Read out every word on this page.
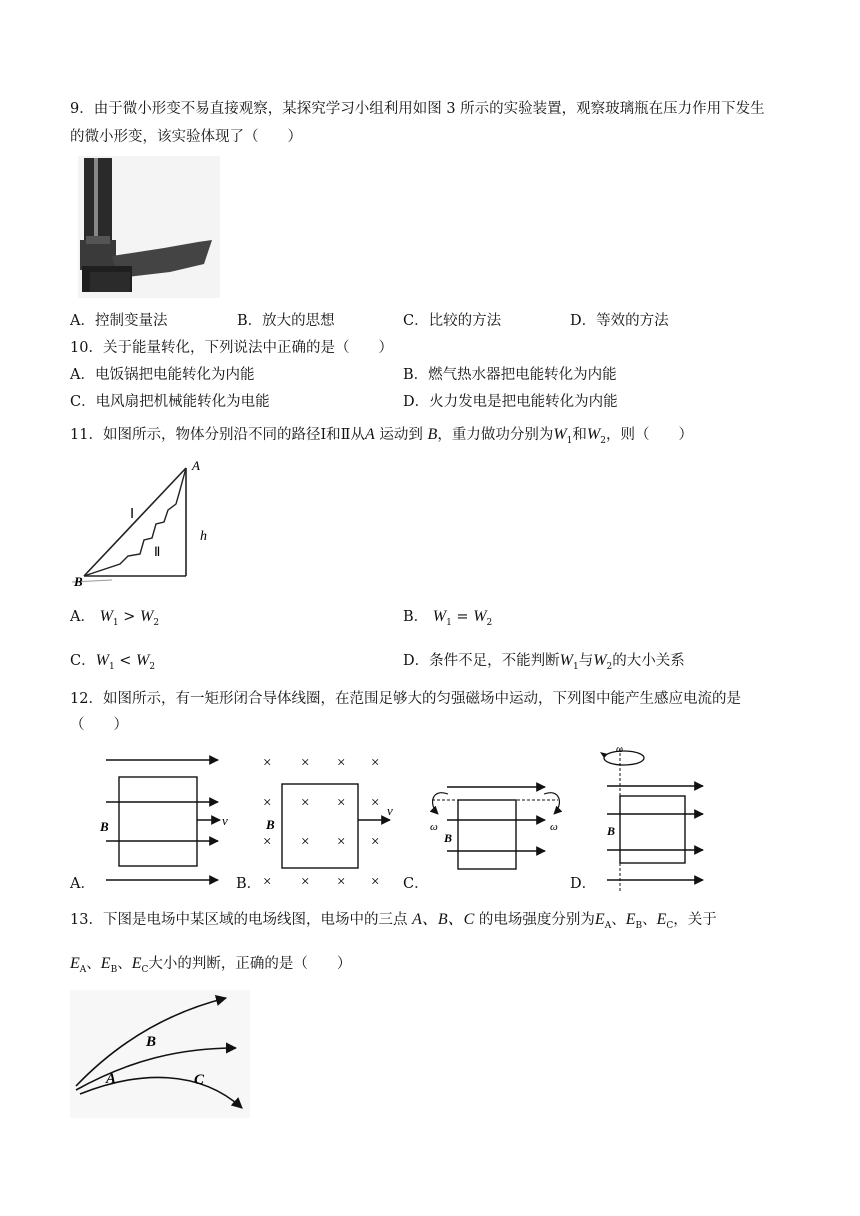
9．由于微小形变不易直接观察，某探究学习小组利用如图 3 所示的实验装置，观察玻璃瓶在压力作用下发生
的微小形变，该实验体现了（　　）
A．控制变量法	B．放大的思想	C．比较的方法	D．等效的方法
10．关于能量转化，下列说法中正确的是（　　）
A．电饭锅把电能转化为内能	B．燃气热水器把电能转化为内能
C．电风扇把机械能转化为电能	D．火力发电是把电能转化为内能
11．如图所示，物体分别沿不同的路径Ⅰ和Ⅱ从A 运动到 B，重力做功分别为$W_1$和$W_2$，则（　　）
A
B
Ⅰ
Ⅱ
h
A． $W_1 > W_2$	B． $W_1 = W_2$
C．$W_1 < W_2$	D．条件不足，不能判断$W_1$与$W_2$的大小关系
12．如图所示，有一矩形闭合导体线圈，在范围足够大的匀强磁场中运动，下列图中能产生感应电流的是
（　　）
B	v
× × × ×
× × × ×
× × × ×
× × × ×
v
B	ω	ω
B
ω
B
A．	B．	C．	D．
13．下图是电场中某区域的电场线图，电场中的三点 A、B、C 的电场强度分别为$E_A$、$E_B$、$E_C$，关于
$E_A$、$E_B$、$E_C$大小的判断，正确的是（　　）
B
A	C
